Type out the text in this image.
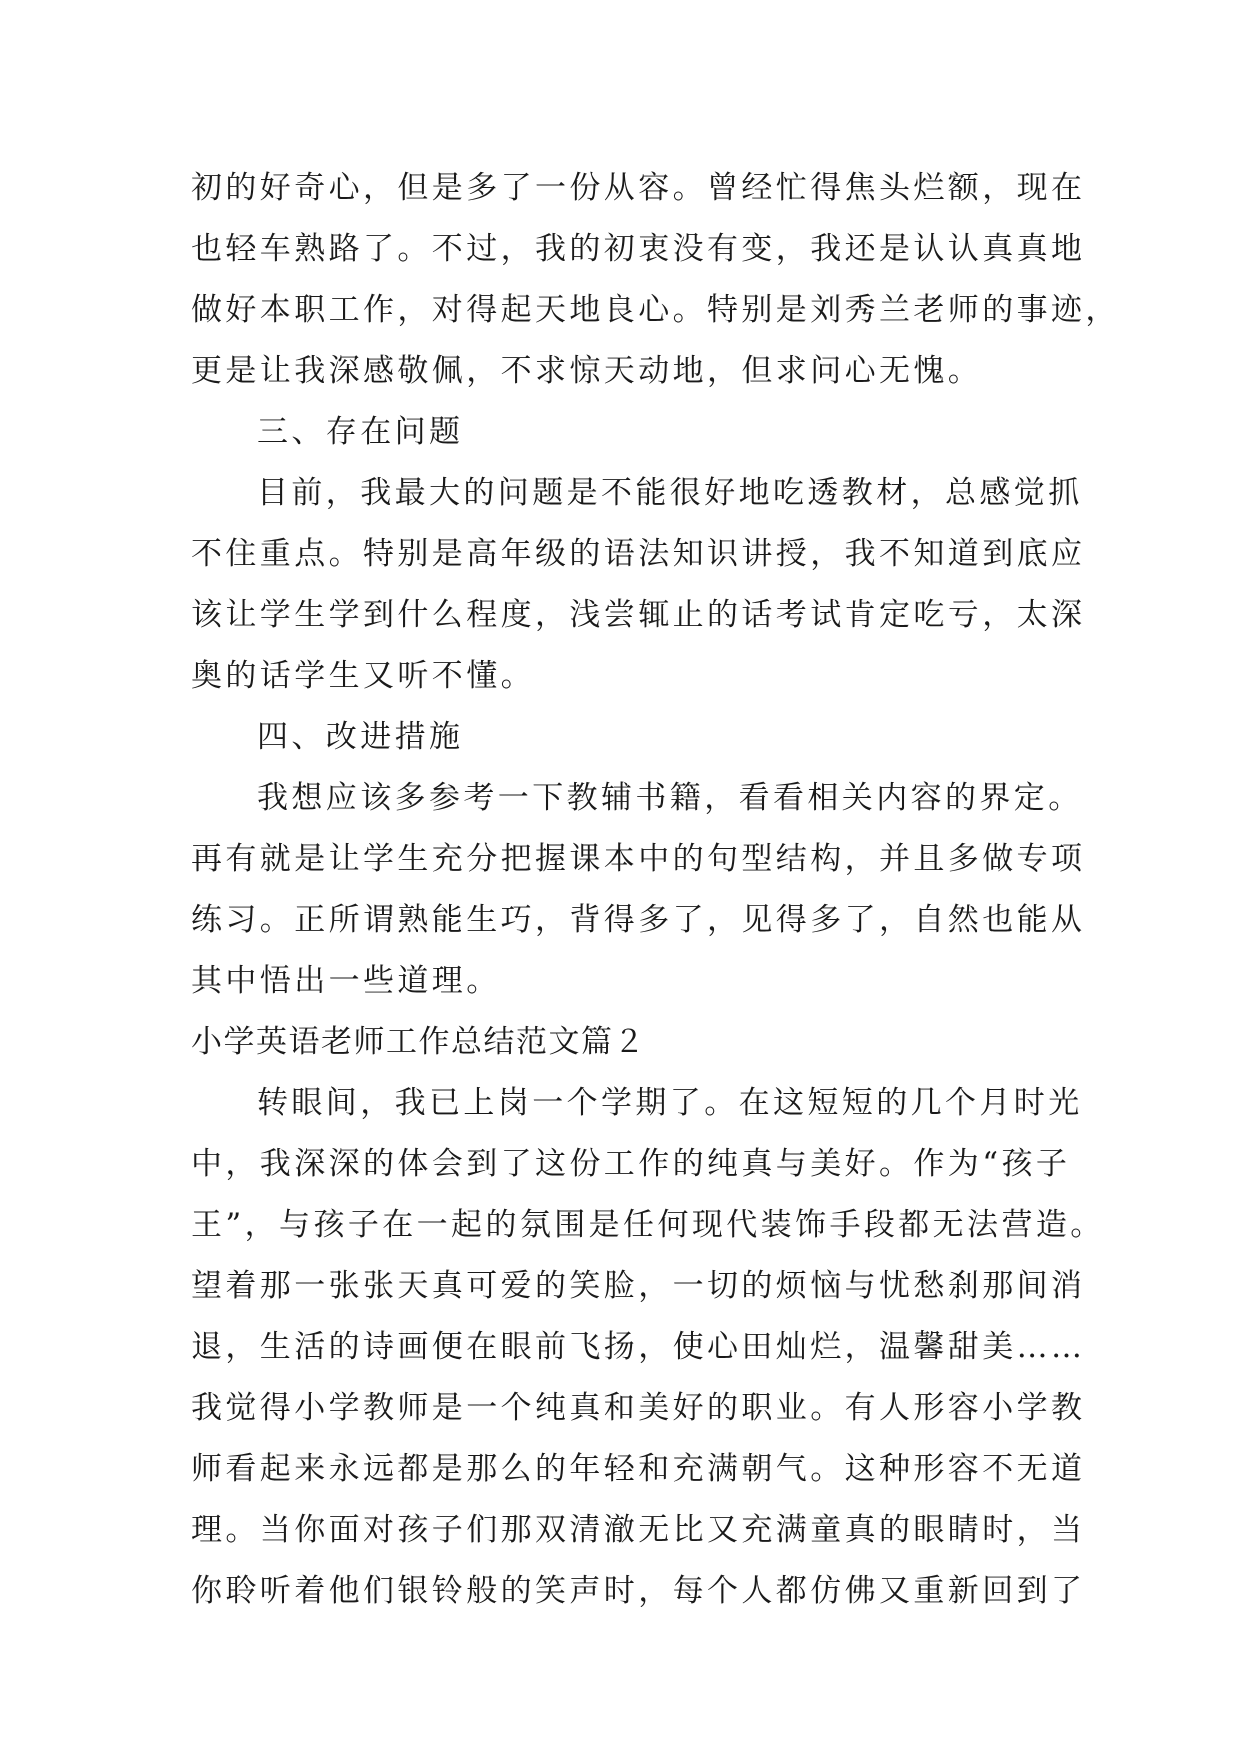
初的好奇心，但是多了一份从容。曾经忙得焦头烂额，现在
也轻车熟路了。不过，我的初衷没有变，我还是认认真真地
做好本职工作，对得起天地良心。特别是刘秀兰老师的事迹，
更是让我深感敬佩，不求惊天动地，但求问心无愧。
三、存在问题
目前，我最大的问题是不能很好地吃透教材，总感觉抓
不住重点。特别是高年级的语法知识讲授，我不知道到底应
该让学生学到什么程度，浅尝辄止的话考试肯定吃亏，太深
奥的话学生又听不懂。
四、改进措施
我想应该多参考一下教辅书籍，看看相关内容的界定。
再有就是让学生充分把握课本中的句型结构，并且多做专项
练习。正所谓熟能生巧，背得多了，见得多了，自然也能从
其中悟出一些道理。
小学英语老师工作总结范文篇２
转眼间，我已上岗一个学期了。在这短短的几个月时光
中，我深深的体会到了这份工作的纯真与美好。作为“孩子
王”，与孩子在一起的氛围是任何现代装饰手段都无法营造。
望着那一张张天真可爱的笑脸，一切的烦恼与忧愁刹那间消
退，生活的诗画便在眼前飞扬，使心田灿烂，温馨甜美……
我觉得小学教师是一个纯真和美好的职业。有人形容小学教
师看起来永远都是那么的年轻和充满朝气。这种形容不无道
理。当你面对孩子们那双清澈无比又充满童真的眼睛时，当
你聆听着他们银铃般的笑声时，每个人都仿佛又重新回到了
